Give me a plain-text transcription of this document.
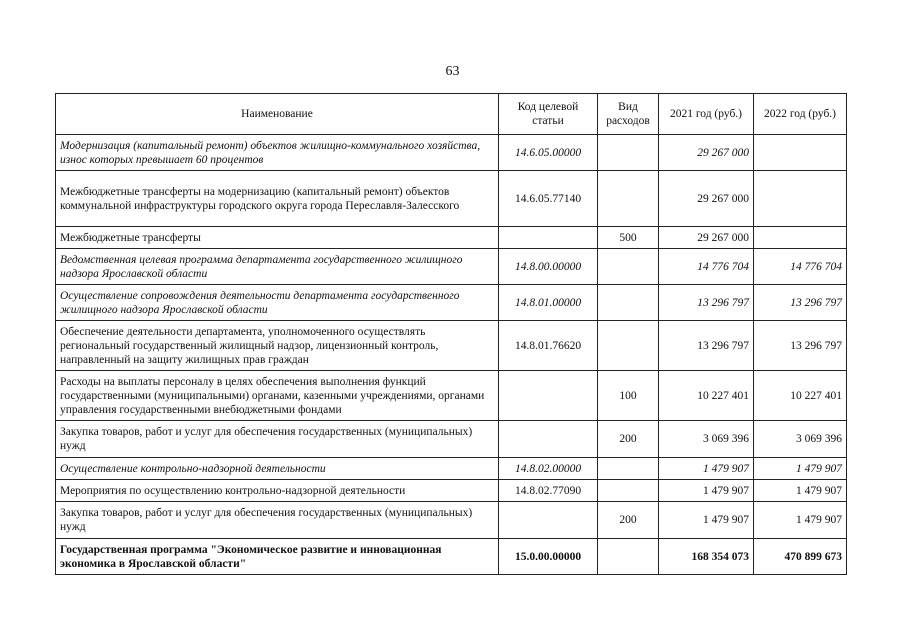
63
Наименование	Код целевой статьи	Вид расходов	2021 год (руб.)	2022 год (руб.)
Модернизация (капитальный ремонт) объектов жилищно-коммунального хозяйства, износ которых превышает 60 процентов	14.6.05.00000		29 267 000	
Межбюджетные трансферты на модернизацию (капитальный ремонт) объектов коммунальной инфраструктуры городского округа города Переславля-Залесского	14.6.05.77140		29 267 000	
Межбюджетные трансферты		500	29 267 000	
Ведомственная целевая программа департамента государственного жилищного надзора Ярославской области	14.8.00.00000		14 776 704	14 776 704
Осуществление сопровождения деятельности департамента государственного жилищного надзора Ярославской области	14.8.01.00000		13 296 797	13 296 797
Обеспечение деятельности департамента, уполномоченного осуществлять региональный государственный жилищный надзор, лицензионный контроль, направленный на защиту жилищных прав граждан	14.8.01.76620		13 296 797	13 296 797
Расходы на выплаты персоналу в целях обеспечения выполнения функций государственными (муниципальными) органами, казенными учреждениями, органами управления государственными внебюджетными фондами		100	10 227 401	10 227 401
Закупка товаров, работ и услуг для обеспечения государственных (муниципальных) нужд		200	3 069 396	3 069 396
Осуществление контрольно-надзорной деятельности	14.8.02.00000		1 479 907	1 479 907
Мероприятия по осуществлению контрольно-надзорной деятельности	14.8.02.77090		1 479 907	1 479 907
Закупка товаров, работ и услуг для обеспечения государственных (муниципальных) нужд		200	1 479 907	1 479 907
Государственная программа "Экономическое развитие и инновационная экономика в Ярославской области"	15.0.00.00000		168 354 073	470 899 673
